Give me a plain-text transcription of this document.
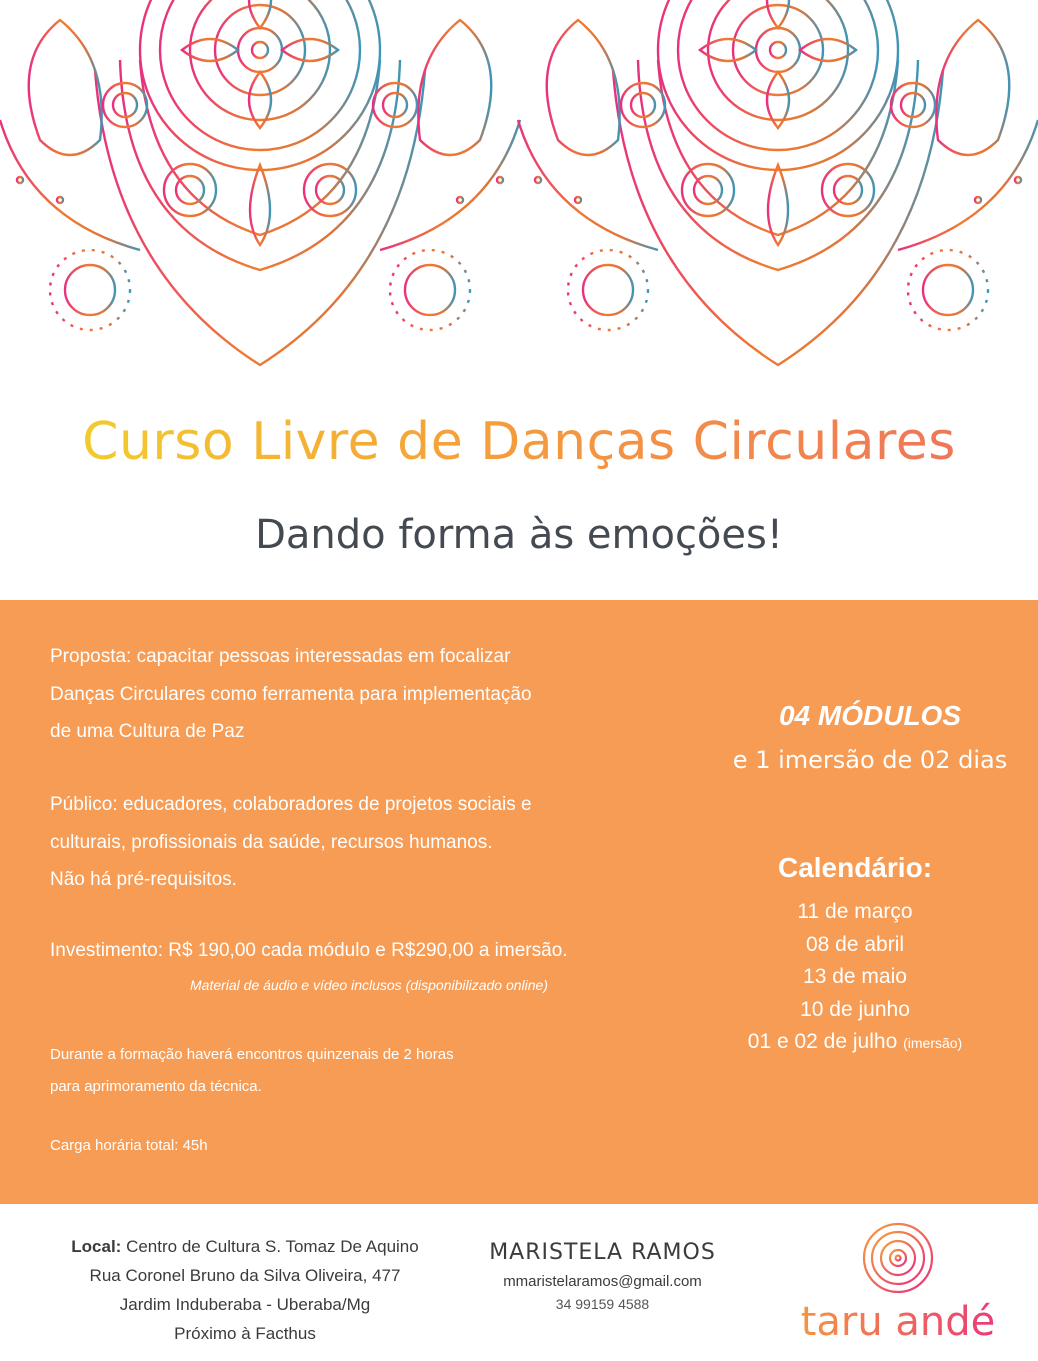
Curso Livre de Danças Circulares
Dando forma às emoções!
Proposta: capacitar pessoas interessadas em focalizar
Danças Circulares como ferramenta para implementação
de uma Cultura de Paz
Público: educadores, colaboradores de projetos sociais e
culturais, profissionais da saúde, recursos humanos.
Não há pré-requisitos.
Investimento: R$ 190,00 cada módulo e R$290,00 a imersão.
Material de áudio e vídeo inclusos (disponibilizado online)
Durante a formação haverá encontros quinzenais de 2 horas
para aprimoramento da técnica.
Carga horária total: 45h
04 MÓDULOS
e 1 imersão de 02 dias
Calendário:
11 de março
08 de abril
13 de maio
10 de junho
01 e 02 de julho (imersão)
Local: Centro de Cultura S. Tomaz De Aquino
Rua Coronel Bruno da Silva Oliveira, 477
Jardim Induberaba - Uberaba/Mg
Próximo à Facthus
MARISTELA RAMOS
mmaristelaramos@gmail.com
34 99159 4588	taru andé
